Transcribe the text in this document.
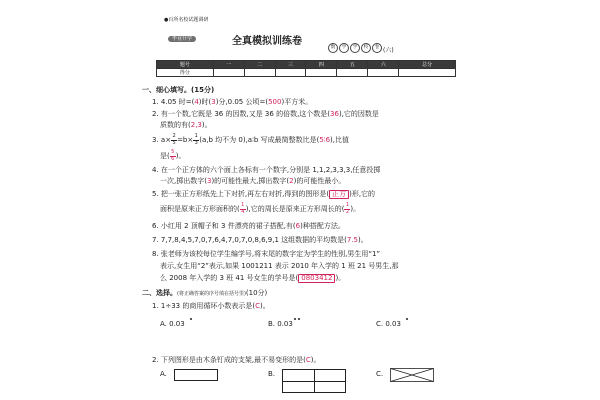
●百所名校试题调研
毕业升学	全真模拟训练卷	数 学 学 校 卷 (六)
题号	一	二	三	四	五	六	总分
得分							
一、细心填写。(15分)
1. 4.05 时=(4)时(3)分,0.05 公顷=(500)平方米。
2. 有一个数,它既是 36 的因数,又是 36 的倍数,这个数是(36),它的因数是
质数的有(2,3)。
3. $a\times \frac{2}{5} =b\times \frac{1}{3} (a,b$ 均不为 0),a∶b 写成最简整数比是(5∶6),比值
是( $\frac{5}{6}$ )。
4. 在一个正方体的六个面上各标有一个数字,分别是 1,1,2,3,3,3,任意投掷
一次,掷出数字(3)的可能性最大,掷出数字(2)的可能性最小。
5. 把一张正方形纸先上下对折,再左右对折,得到的图形是( 正方 )形,它的
面积是原来正方形面积的( $\frac{1}{4}$ ),它的周长是原来正方形周长的( $\frac{1}{2}$ )。
6. 小红用 2 顶帽子和 3 件漂亮的裙子搭配,有(6)种搭配方法。
7. 7,7,8,4,5,7,0,7,6,4,7,0,7,0,8,6,9,1 这组数据的平均数是(7.5)。
8. 张老师为该校每位学生编学号,将末尾的数字定为学生的性别,男生用“1”
表示,女生用“2”表示,如果 1001211 表示 2010 年入学的 1 班 21 号男生,那
么 2008 年入学的 3 班 41 号女生的学号是( 0803412 )。
二、选择。(将正确答案的序号填在括号里)(10分)
1. 1÷33 的商用循环小数表示是(C)。
A. 0.03	B. 0.03	C. 0.03
2. 下列图形是由木条钉成的支架,最不易变形的是(C)。
A.	B.	C.
